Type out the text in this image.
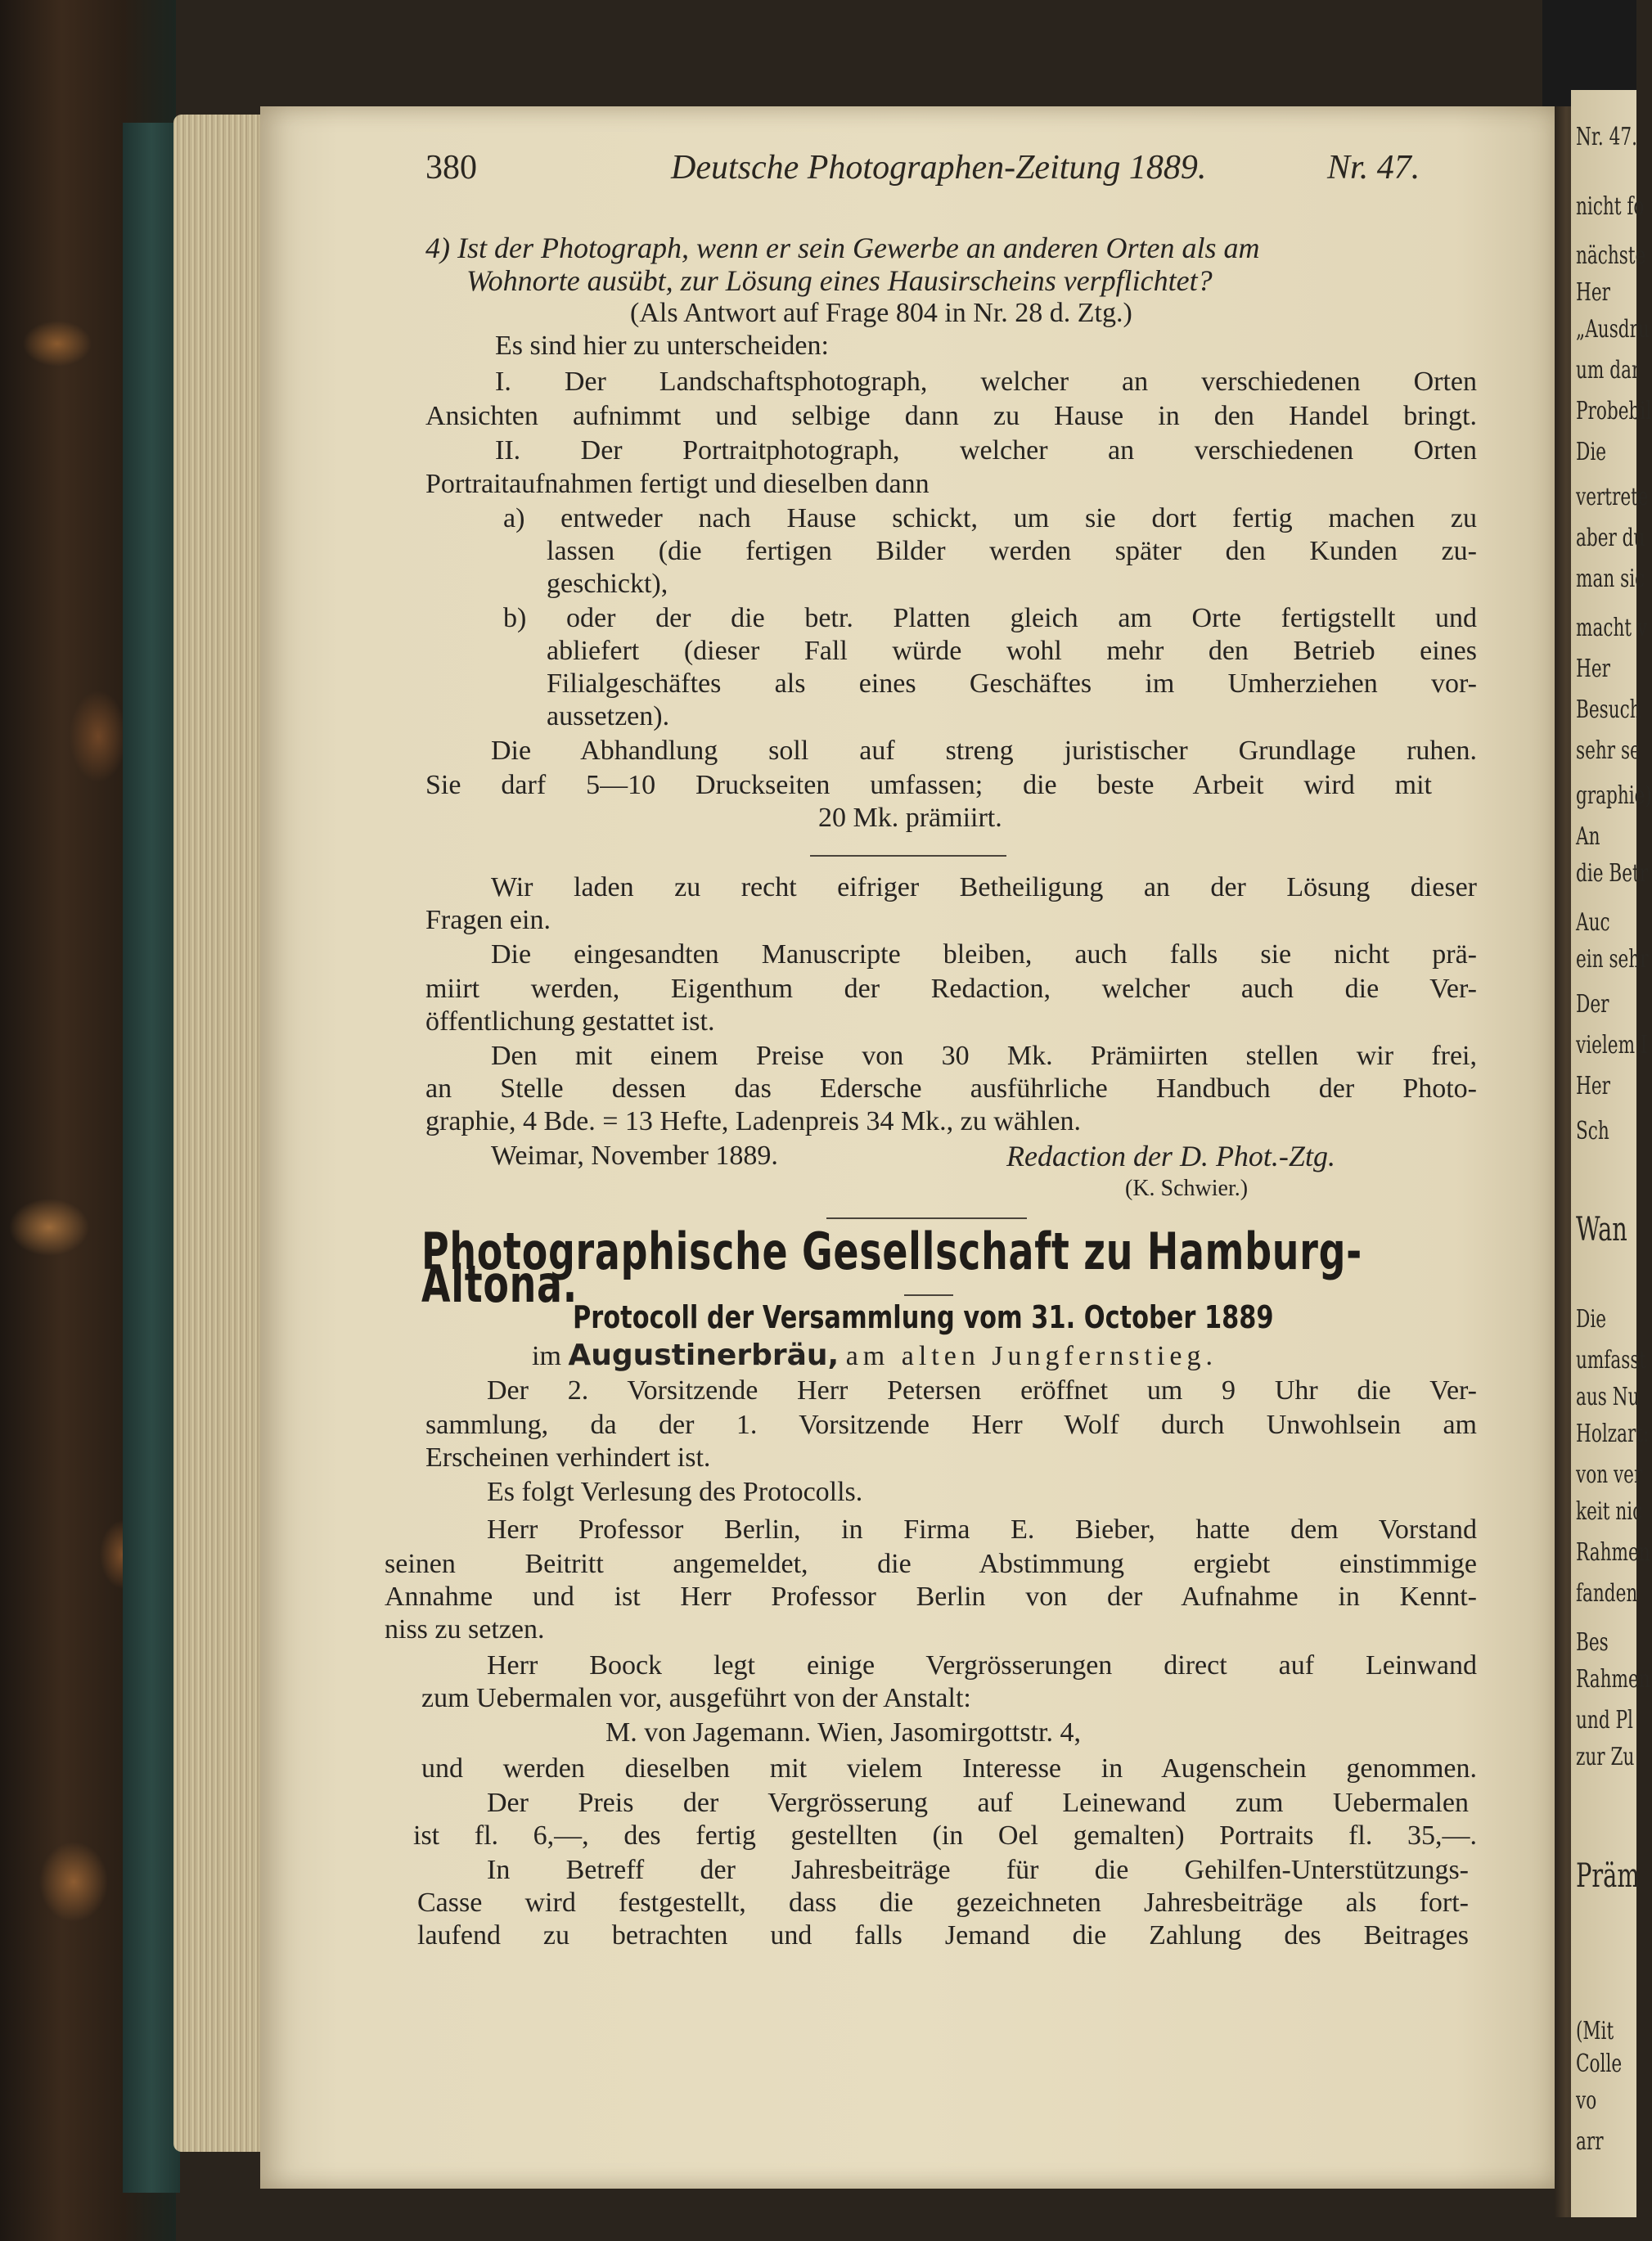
Nr. 47.
nicht fo
nächste
Her
„Ausdru
um dar
Probebil
Die
vertrete
aber du
man sic
macht v
Her
Besuch
sehr se
graphie)
An
die Betr
Auc
ein sehr
Der
vielem I
Her
Sch
Wan
Die
umfasst
aus Nu
Holzart:
von ver
keit nic
Rahmen
fanden
Bes
Rahmen
und Pl
zur Zu
Präm
(Mit
Colle
vo
arr
380	Deutsche Photographen-Zeitung 1889.	Nr. 47.
4) Ist der Photograph, wenn er sein Gewerbe an anderen Orten als am
Wohnorte ausübt, zur Lösung eines Hausirscheins verpflichtet?
(Als Antwort auf Frage 804 in Nr. 28 d. Ztg.)
Es sind hier zu unterscheiden:
I. Der Landschaftsphotograph, welcher an verschiedenen Orten
Ansichten aufnimmt und selbige dann zu Hause in den Handel bringt.
II. Der Portraitphotograph, welcher an verschiedenen Orten
Portraitaufnahmen fertigt und dieselben dann
a) entweder nach Hause schickt, um sie dort fertig machen zu
lassen (die fertigen Bilder werden später den Kunden zu-
geschickt),
b) oder der die betr. Platten gleich am Orte fertigstellt und
abliefert (dieser Fall würde wohl mehr den Betrieb eines
Filialgeschäftes als eines Geschäftes im Umherziehen vor-
aussetzen).
Die Abhandlung soll auf streng juristischer Grundlage ruhen.
Sie darf 5—10 Druckseiten umfassen; die beste Arbeit wird mit
20 Mk. prämiirt.
Wir laden zu recht eifriger Betheiligung an der Lösung dieser
Fragen ein.
Die eingesandten Manuscripte bleiben, auch falls sie nicht prä-
miirt werden, Eigenthum der Redaction, welcher auch die Ver-
öffentlichung gestattet ist.
Den mit einem Preise von 30 Mk. Prämiirten stellen wir frei,
an Stelle dessen das Edersche ausführliche Handbuch der Photo-
graphie, 4 Bde. = 13 Hefte, Ladenpreis 34 Mk., zu wählen.
Weimar, November 1889.	Redaction der D. Phot.-Ztg.
(K. Schwier.)
Photographische Gesellschaft zu Hamburg-Altona.
Protocoll der Versammlung vom 31. October 1889
im Augustinerbräu, am alten Jungfernstieg.
Der 2. Vorsitzende Herr Petersen eröffnet um 9 Uhr die Ver-
sammlung, da der 1. Vorsitzende Herr Wolf durch Unwohlsein am
Erscheinen verhindert ist.
Es folgt Verlesung des Protocolls.
Herr Professor Berlin, in Firma E. Bieber, hatte dem Vorstand
seinen Beitritt angemeldet, die Abstimmung ergiebt einstimmige
Annahme und ist Herr Professor Berlin von der Aufnahme in Kennt-
niss zu setzen.
Herr Boock legt einige Vergrösserungen direct auf Leinwand
zum Uebermalen vor, ausgeführt von der Anstalt:
M. von Jagemann. Wien, Jasomirgottstr. 4,
und werden dieselben mit vielem Interesse in Augenschein genommen.
Der Preis der Vergrösserung auf Leinewand zum Uebermalen
ist fl. 6,—, des fertig gestellten (in Oel gemalten) Portraits fl. 35,—.
In Betreff der Jahresbeiträge für die Gehilfen-Unterstützungs-
Casse wird festgestellt, dass die gezeichneten Jahresbeiträge als fort-
laufend zu betrachten und falls Jemand die Zahlung des Beitrages
